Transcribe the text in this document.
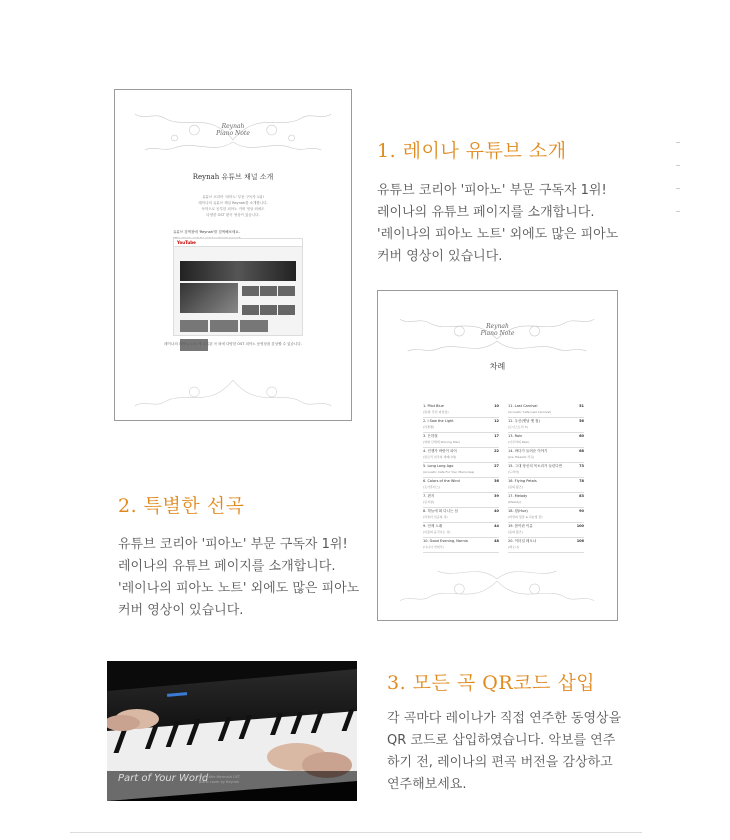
Reynah
Piano Note
Reynah 유튜브 채널 소개
유튜브 코리아 '피아노' 부문 구독자 1위!
레이나의 유튜브 채널 Reynah를 소개합니다.
독학으로 공부한 피아노 커버 영상 외에도
다양한 OST 편곡 영상이 있습니다.
유튜브 검색창에 'Reynah'를 검색해보세요.
YouTube
레이나의 피아노 노트 에 수록된 곡 외에 다양한 OST 피아노 동영상을 감상할 수 있습니다.
1. 레이나 유튜브 소개
유튜브 코리아 '피아노' 부문 구독자 1위!
레이나의 유튜브 페이지를 소개합니다.
'레이나의 피아노 노트' 외에도 많은 피아노
커버 영상이 있습니다.
Reynah
Piano Note
차례
1. Pilot Blue
(원제: 푸른 파일럿)
10
2. I Saw the Light
(라푼젤)
12
3. 은하철
(영화 신세계 Shining Star)
17
4. 언젠가 바람이 되어
(칼로리 천국의 세레나데)
22
5. Long Long Ago
(Acoustic Cafe For Your Memories)
27
6. Colors of the Wind
(포카혼타스)
36
7. 편지
(뮤지컬)
39
8. 하늘에 떠 다니는 섬
(라퓨타 천공의 성)
40
9. 언제 노래
(하울의 움직이는 성)
44
10. Good Evening, Narnia
(나니아 연대기)
48
11. Last Carnival
(Acoustic Cafe Last Carnival)
51
12. 우산(옛날 옛 집)
(토이스토리 3)
56
13. Rain
(이루마의 Rain)
60
14. 바다가 들려준 이야기
(Joe Hisaishi 작곡)
68
15. 그대 당신의 목소리가 들린다면
(드라마)
73
16. Flying Petals
(봄의 왈츠)
78
17. Melody
(Melody)
83
18. 왕(Hue)
(바람의 빛깔 & 하늘빛 꿈)
90
19. 봄이란 이름
(봄의 왈츠)
100
20. 이터널 레오나
(레오나)
106
2. 특별한 선곡
유튜브 코리아 '피아노' 부문 구독자 1위!
레이나의 유튜브 페이지를 소개합니다.
'레이나의 피아노 노트' 외에도 많은 피아노
커버 영상이 있습니다.
Part of Your World
The Little Mermaid OST
piano cover by Reynah
3. 모든 곡 QR코드 삽입
각 곡마다 레이나가 직접 연주한 동영상을
QR 코드로 삽입하였습니다. 악보를 연주
하기 전, 레이나의 편곡 버전을 감상하고
연주해보세요.
